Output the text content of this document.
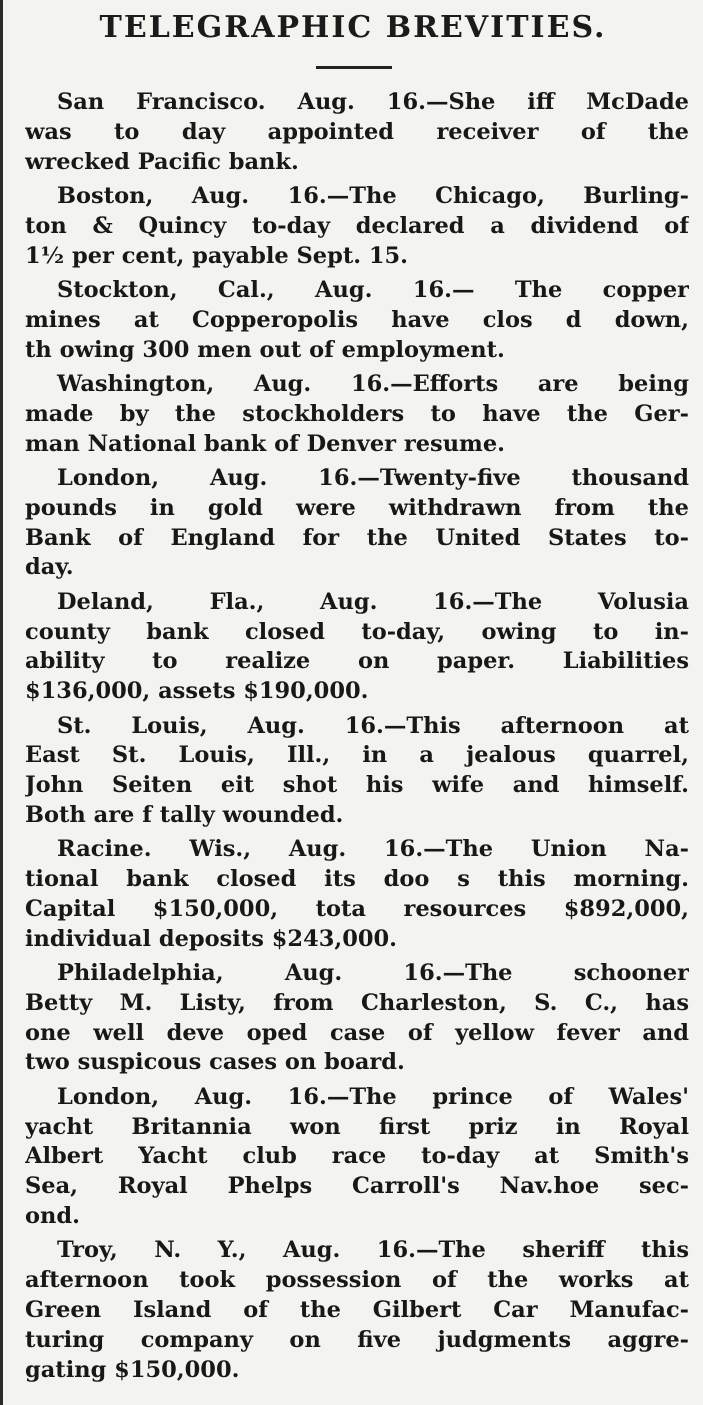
TELEGRAPHIC BREVITIES.
San Francisco. Aug. 16.—She iff McDade
was to day appointed receiver of the
wrecked Pacific bank.
Boston, Aug. 16.—The Chicago, Burling-
ton & Quincy to-day declared a dividend of
1½ per cent, payable Sept. 15.
Stockton, Cal., Aug. 16.— The copper
mines at Copperopolis have clos d down,
th owing 300 men out of employment.
Washington, Aug. 16.—Efforts are being
made by the stockholders to have the Ger-
man National bank of Denver resume.
London, Aug. 16.—Twenty-five thousand
pounds in gold were withdrawn from the
Bank of England for the United States to-
day.
Deland, Fla., Aug. 16.—The Volusia
county bank closed to-day, owing to in-
ability to realize on paper. Liabilities
$136,000, assets $190,000.
St. Louis, Aug. 16.—This afternoon at
East St. Louis, Ill., in a jealous quarrel,
John Seiten eit shot his wife and himself.
Both are f tally wounded.
Racine. Wis., Aug. 16.—The Union Na-
tional bank closed its doo s this morning.
Capital $150,000, tota resources $892,000,
individual deposits $243,000.
Philadelphia, Aug. 16.—The schooner
Betty M. Listy, from Charleston, S. C., has
one well deve oped case of yellow fever and
two suspicous cases on board.
London, Aug. 16.—The prince of Wales'
yacht Britannia won first priz in Royal
Albert Yacht club race to-day at Smith's
Sea, Royal Phelps Carroll's Nav.hoe sec-
ond.
Troy, N. Y., Aug. 16.—The sheriff this
afternoon took possession of the works at
Green Island of the Gilbert Car Manufac-
turing company on five judgments aggre-
gating $150,000.
